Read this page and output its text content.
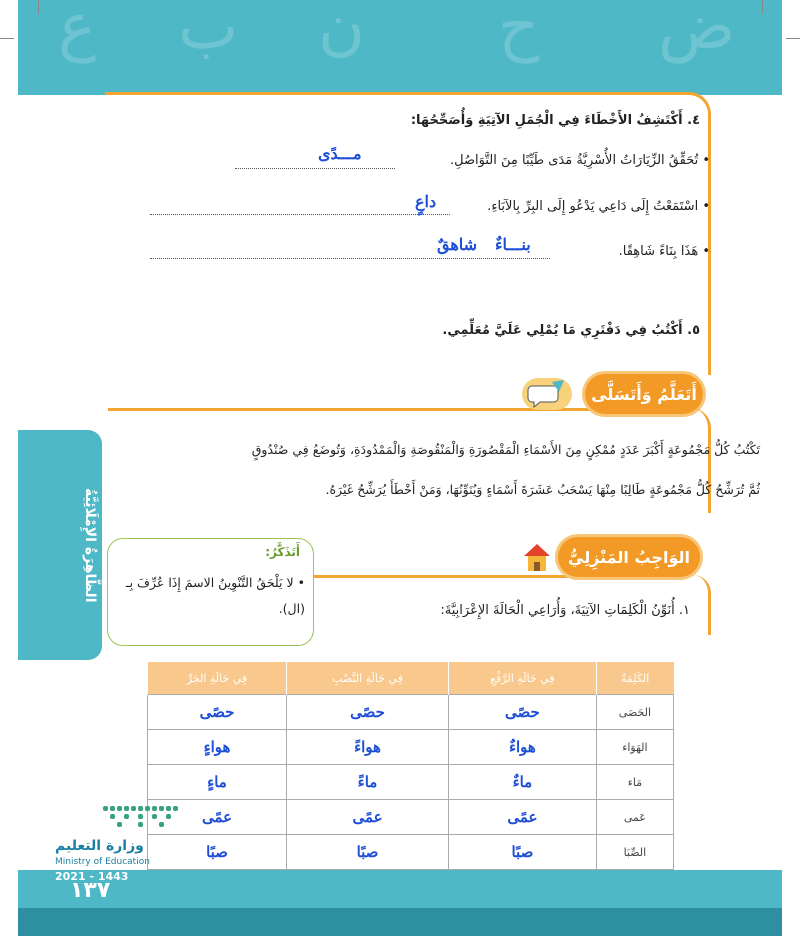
ع ب ن ح ض
٤. أَكْتَشِفُ الأَخْطَاءَ فِي الْجُمَلِ الآتِيَةِ وَأُصَحِّحُهَا:
• تُحَقِّقُ الزِّيَارَاتُ الأُسْرِيَّةُ مَدَى طَيِّبًا مِنَ التَّوَاصُلِ.
مـــدًى
• اسْتَمَعْتُ إِلَى دَاعِي يَدْعُو إِلَى البِرِّ بِالآبَاءِ.
داعٍ
• هَذَا بِنَاءً شَاهِقًا.
بنـــاءٌ
شاهقٌ
٥. أَكْتُبُ فِي دَفْتَرِي مَا يُمْلِي عَلَيَّ مُعَلِّمِي.
أَتَعَلَّمُ وَأَتَسَلَّى
تَكْتُبُ كُلُّ مَجْمُوعَةٍ أَكْبَرَ عَدَدٍ مُمْكِنٍ مِنَ الأَسْمَاءِ الْمَقْصُورَةِ وَالْمَنْقُوصَةِ وَالْمَمْدُودَةِ، وَتُوضَعُ فِي صُنْدُوقٍ
ثُمَّ تُرَشِّحُ كُلُّ مَجْمُوعَةٍ طَالِبًا مِنْهَا يَسْحَبُ عَشَرَةَ أَسْمَاءٍ وَيُنَوِّنُهَا، وَمَنْ أَخْطَأَ يُرَشِّحُ غَيْرَهُ.
الظَّاهِرَةُ الإِمْلَائِيَّةُ	الوَاجِبُ المَنْزِلِيُّ
أَتَذَكَّرُ:
• لا يَلْحَقُ التَّنْوِينُ الاسمَ إِذَا عُرِّفَ بِـ (ال).	١. أُنَوِّنُ الْكَلِمَاتِ الآتِيَةَ، وَأُرَاعِي الْحَالَةَ الإِعْرَابِيَّةَ:
الكَلِمَةُ	فِي حَالَةِ الرَّفْعِ	فِي حَالَةِ النَّصْبِ	فِي حَالَةِ الجَرِّ
الحَصَى	حصًى	حصًى	حصًى
الهَوَاء	هواءٌ	هواءً	هواءٍ
مَاء	ماءٌ	ماءً	ماءٍ
عَمى	عمًى	عمًى	عمًى
الصِّبَا	صبًا	صبًا	صبًا
وزارة التعليم
Ministry of Education
2021 - 1443
١٣٧
